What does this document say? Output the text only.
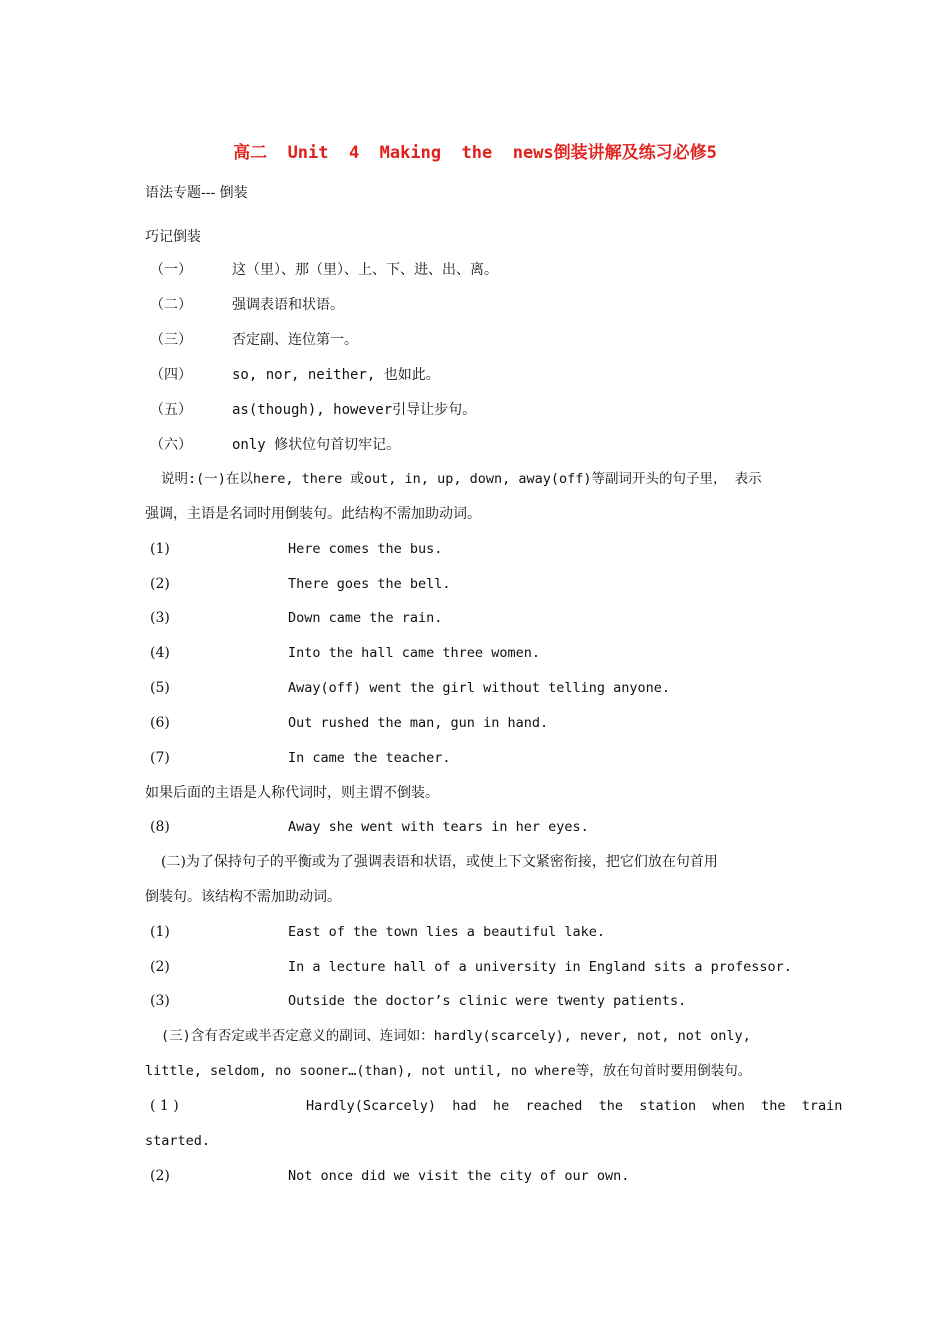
高二  Unit  4  Making  the  news倒装讲解及练习必修5
语法专题--- 倒装
巧记倒装
（一）	这（里）、那（里）、上、下、进、出、离。
（二）	强调表语和状语。
（三）	否定副、连位第一。
（四）	so, nor, neither, 也如此。
（五）	as(though), however引导让步句。
（六）	only 修状位句首切牢记。
说明:(一)在以here, there 或out, in, up, down, away(off)等副词开头的句子里， 表示
强调，主语是名词时用倒装句。此结构不需加助动词。
(1)	Here comes the bus.
(2)	There goes the bell.
(3)	Down came the rain.
(4)	Into the hall came three women.
(5)	Away(off) went the girl without telling anyone.
(6)	Out rushed the man, gun in hand.
(7)	In came the teacher.
如果后面的主语是人称代词时，则主谓不倒装。
(8)	Away she went with tears in her eyes.
(二)为了保持句子的平衡或为了强调表语和状语，或使上下文紧密衔接，把它们放在句首用
倒装句。该结构不需加助动词。
(1)	East of the town lies a beautiful lake.
(2)	In a lecture hall of a university in England sits a professor.
(3)	Outside the doctor’s clinic were twenty patients.
(三)含有否定或半否定意义的副词、连词如：hardly(scarcely), never, not, not only,
little, seldom, no sooner…(than), not until, no where等，放在句首时要用倒装句。
( 1 )	Hardly(Scarcely)  had  he  reached  the  station  when  the  train
started.
(2)	Not once did we visit the city of our own.
